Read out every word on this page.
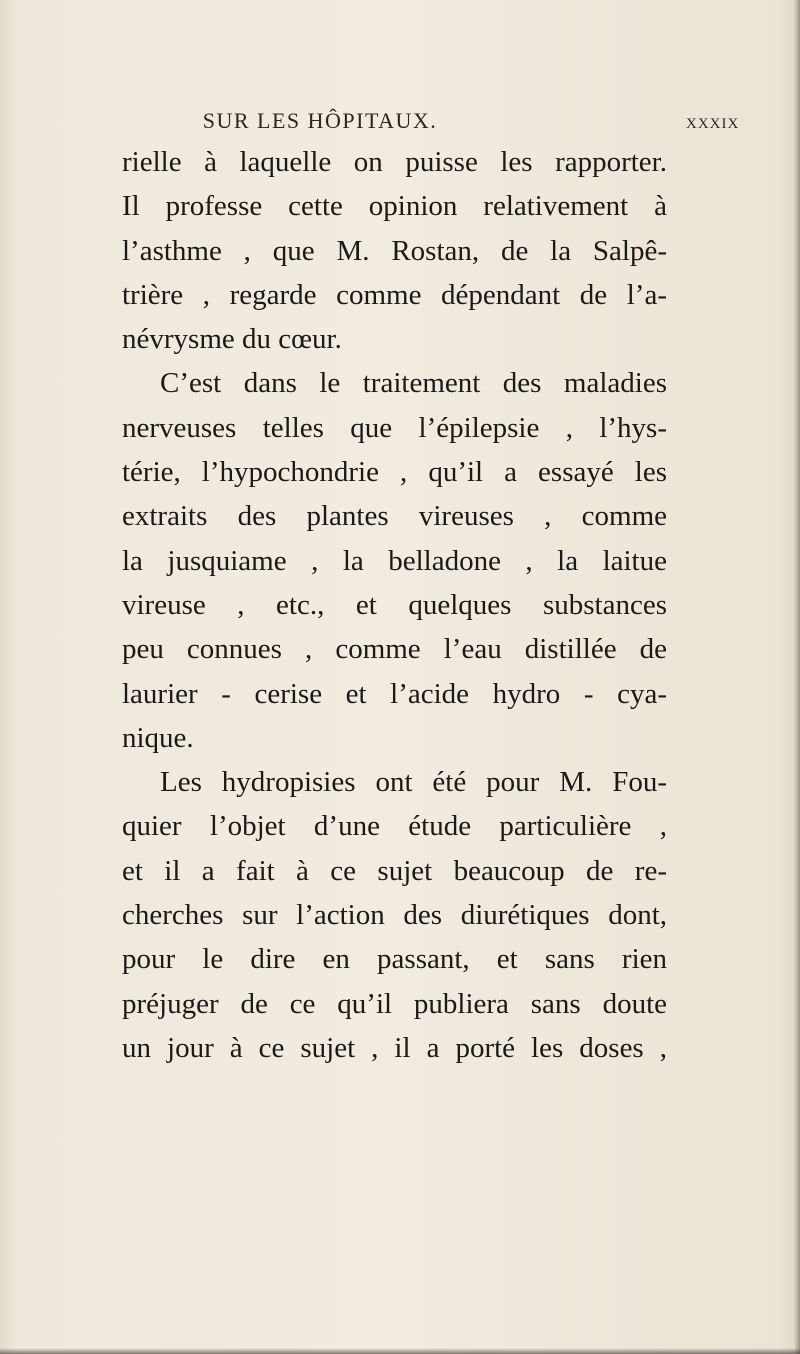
SUR LES HÔPITAUX.	xxxix
rielle à laquelle on puisse les rapporter.
Il professe cette opinion relativement à
l’asthme , que M. Rostan, de la Salpê-
trière , regarde comme dépendant de l’a-
névrysme du cœur.
C’est dans le traitement des maladies
nerveuses telles que l’épilepsie , l’hys-
térie, l’hypochondrie , qu’il a essayé les
extraits des plantes vireuses , comme
la jusquiame , la belladone , la laitue
vireuse , etc., et quelques substances
peu connues , comme l’eau distillée de
laurier - cerise et l’acide hydro - cya-
nique.
Les hydropisies ont été pour M. Fou-
quier l’objet d’une étude particulière ,
et il a fait à ce sujet beaucoup de re-
cherches sur l’action des diurétiques dont,
pour le dire en passant, et sans rien
préjuger de ce qu’il publiera sans doute
un jour à ce sujet , il a porté les doses ,
